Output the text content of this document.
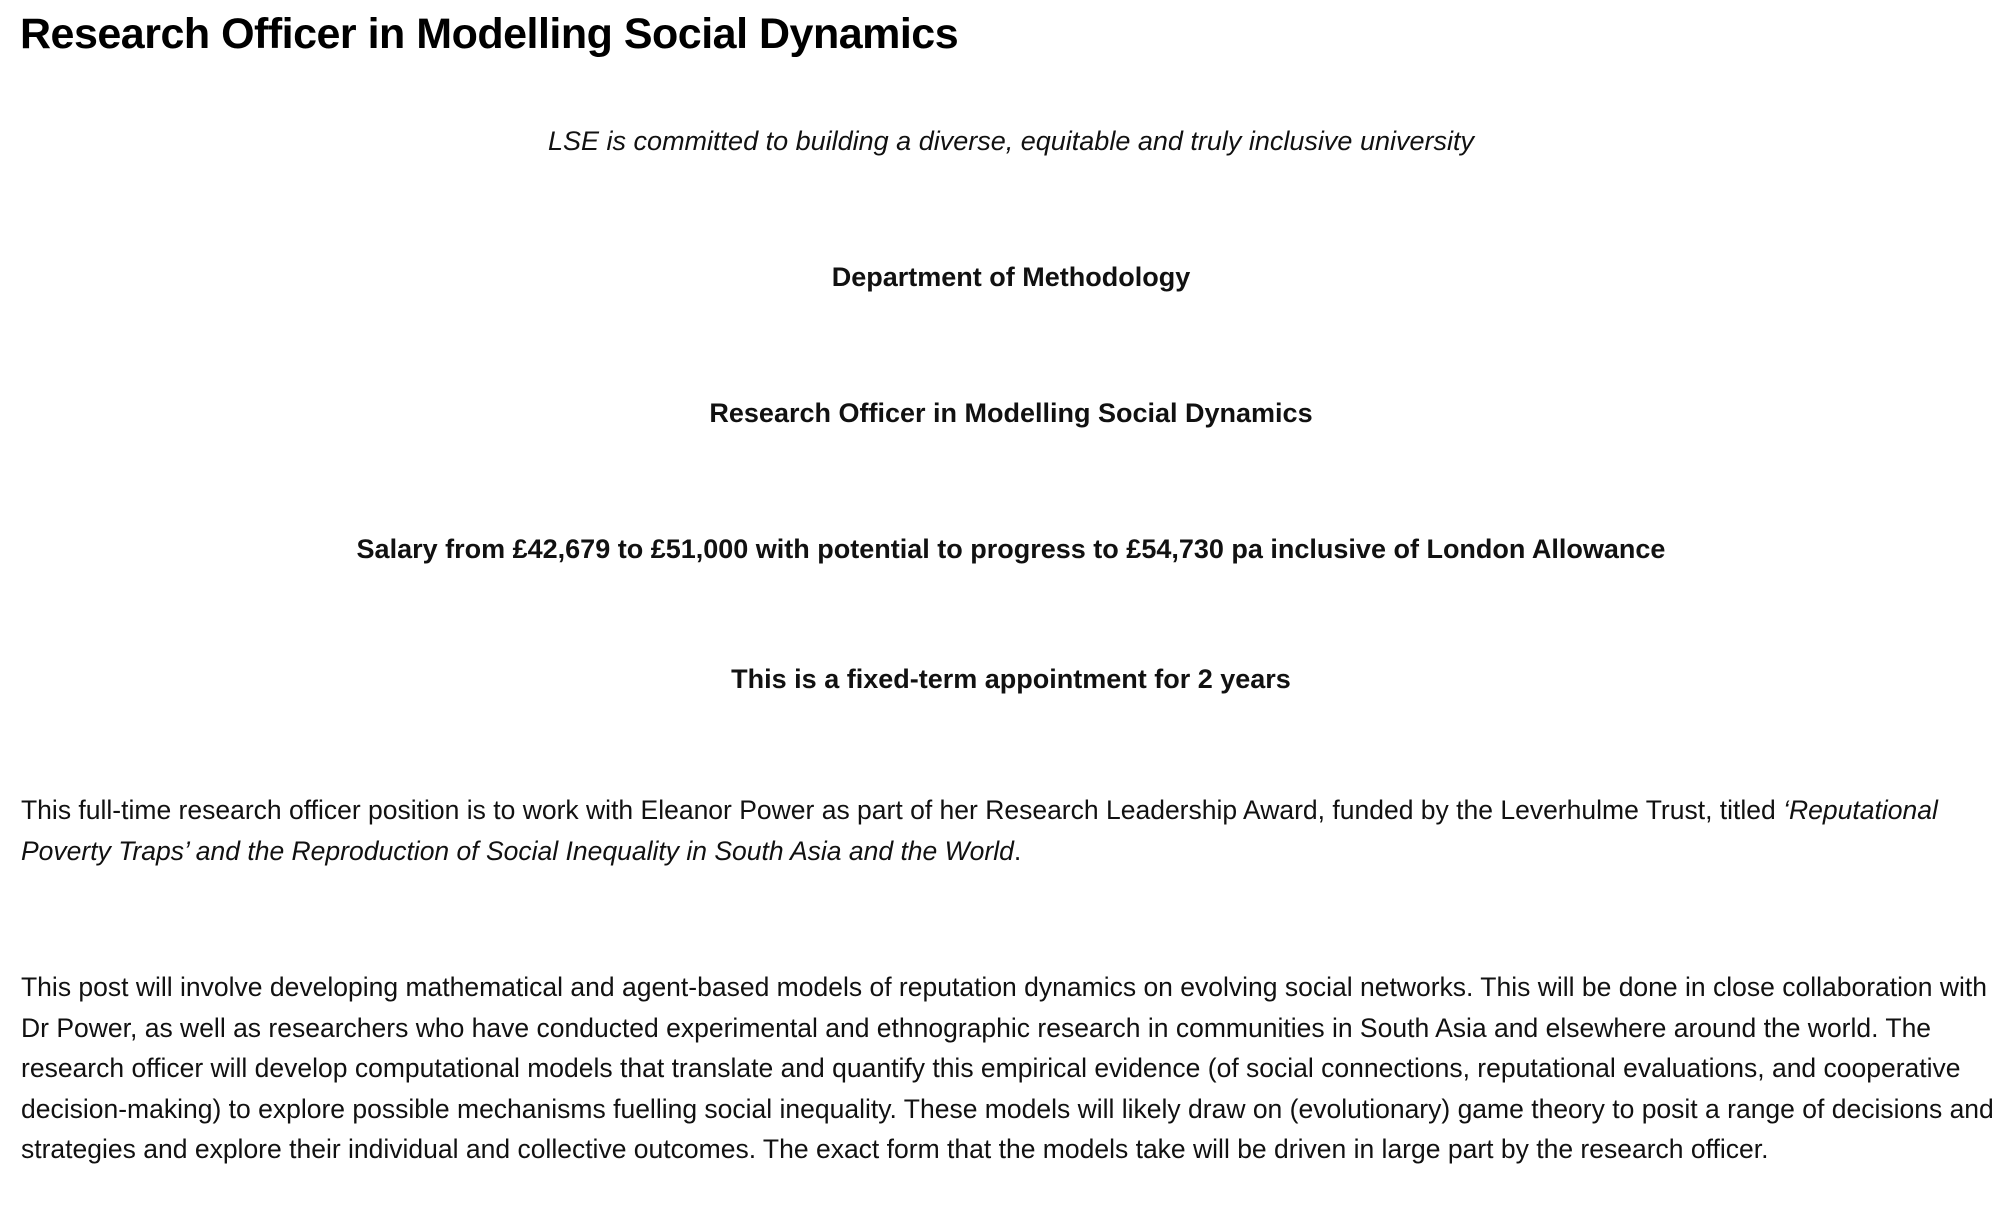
Research Officer in Modelling Social Dynamics

LSE is committed to building a diverse, equitable and truly inclusive university

Department of Methodology

Research Officer in Modelling Social Dynamics

Salary from £42,679 to £51,000 with potential to progress to £54,730 pa inclusive of London Allowance

This is a fixed-term appointment for 2 years

This full-time research officer position is to work with Eleanor Power as part of her Research Leadership Award, funded by the Leverhulme Trust, titled ‘Reputational Poverty Traps’ and the Reproduction of Social Inequality in South Asia and the World.

This post will involve developing mathematical and agent-based models of reputation dynamics on evolving social networks. This will be done in close collaboration with Dr Power, as well as researchers who have conducted experimental and ethnographic research in communities in South Asia and elsewhere around the world. The research officer will develop computational models that translate and quantify this empirical evidence (of social connections, reputational evaluations, and cooperative decision-making) to explore possible mechanisms fuelling social inequality. These models will likely draw on (evolutionary) game theory to posit a range of decisions and strategies and explore their individual and collective outcomes. The exact form that the models take will be driven in large part by the research officer.
